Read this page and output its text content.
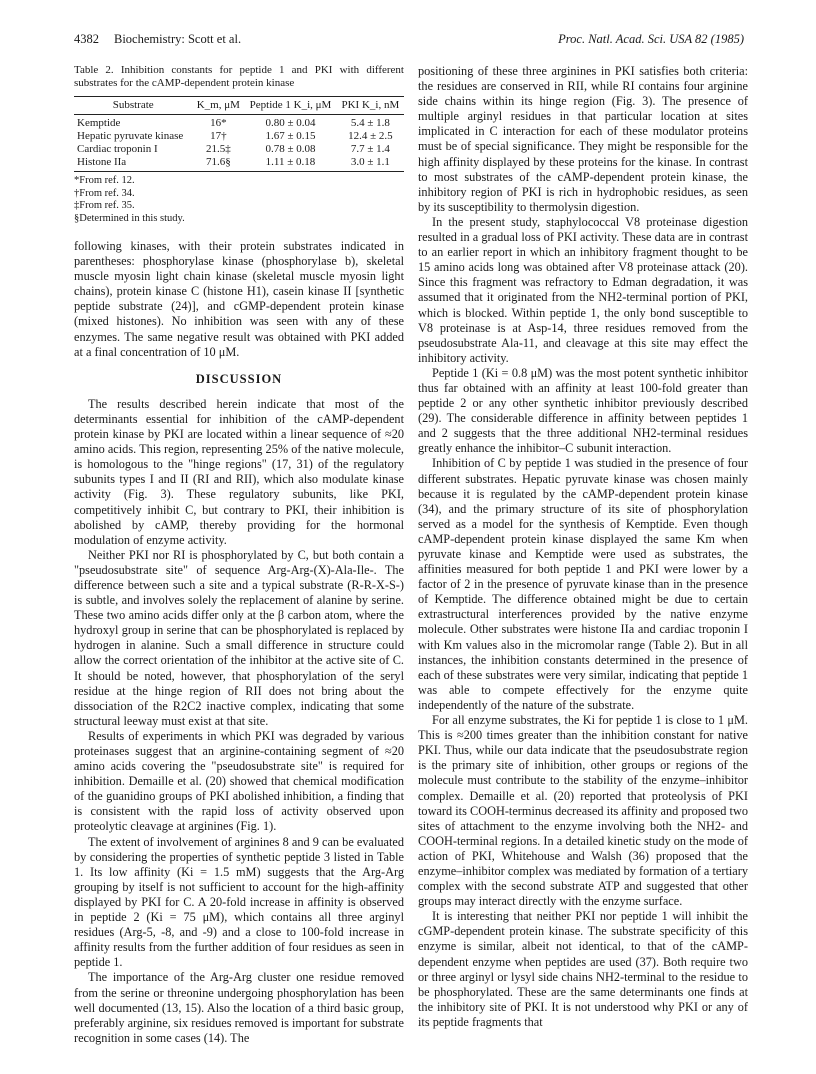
4382 Biochemistry: Scott et al.	Proc. Natl. Acad. Sci. USA 82 (1985)

Table 2. Inhibition constants for peptide 1 and PKI with different substrates for the cAMP-dependent protein kinase

Substrate	K_m, μM	Peptide 1 K_i, μM	PKI K_i, nM
Kemptide	16*	0.80 ± 0.04	5.4 ± 1.8
Hepatic pyruvate kinase	17†	1.67 ± 0.15	12.4 ± 2.5
Cardiac troponin I	21.5‡	0.78 ± 0.08	7.7 ± 1.4
Histone IIa	71.6§	1.11 ± 0.18	3.0 ± 1.1
*From ref. 12.
†From ref. 34.
‡From ref. 35.
§Determined in this study.

following kinases, with their protein substrates indicated in parentheses: phosphorylase kinase (phosphorylase b), skeletal muscle myosin light chain kinase (skeletal muscle myosin light chains), protein kinase C (histone H1), casein kinase II [synthetic peptide substrate (24)], and cGMP-dependent protein kinase (mixed histones). No inhibition was seen with any of these enzymes. The same negative result was obtained with PKI added at a final concentration of 10 μM.

DISCUSSION

The results described herein indicate that most of the determinants essential for inhibition of the cAMP-dependent protein kinase by PKI are located within a linear sequence of ≈20 amino acids. This region, representing 25% of the native molecule, is homologous to the "hinge regions" (17, 31) of the regulatory subunits types I and II (RI and RII), which also modulate kinase activity (Fig. 3). These regulatory subunits, like PKI, competitively inhibit C, but contrary to PKI, their inhibition is abolished by cAMP, thereby providing for the hormonal modulation of enzyme activity.

Neither PKI nor RI is phosphorylated by C, but both contain a "pseudosubstrate site" of sequence Arg-Arg-(X)-Ala-Ile-. The difference between such a site and a typical substrate (R-R-X-S-) is subtle, and involves solely the replacement of alanine by serine. These two amino acids differ only at the β carbon atom, where the hydroxyl group in serine that can be phosphorylated is replaced by hydrogen in alanine. Such a small difference in structure could allow the correct orientation of the inhibitor at the active site of C. It should be noted, however, that phosphorylation of the seryl residue at the hinge region of RII does not bring about the dissociation of the R2C2 inactive complex, indicating that some structural leeway must exist at that site.

Results of experiments in which PKI was degraded by various proteinases suggest that an arginine-containing segment of ≈20 amino acids covering the "pseudosubstrate site" is required for inhibition. Demaille et al. (20) showed that chemical modification of the guanidino groups of PKI abolished inhibition, a finding that is consistent with the rapid loss of activity observed upon proteolytic cleavage at arginines (Fig. 1).

The extent of involvement of arginines 8 and 9 can be evaluated by considering the properties of synthetic peptide 3 listed in Table 1. Its low affinity (Ki = 1.5 mM) suggests that the Arg-Arg grouping by itself is not sufficient to account for the high-affinity displayed by PKI for C. A 20-fold increase in affinity is observed in peptide 2 (Ki = 75 μM), which contains all three arginyl residues (Arg-5, -8, and -9) and a close to 100-fold increase in affinity results from the further addition of four residues as seen in peptide 1.

The importance of the Arg-Arg cluster one residue removed from the serine or threonine undergoing phosphorylation has been well documented (13, 15). Also the location of a third basic group, preferably arginine, six residues removed is important for substrate recognition in some cases (14). The

positioning of these three arginines in PKI satisfies both criteria: the residues are conserved in RII, while RI contains four arginine side chains within its hinge region (Fig. 3). The presence of multiple arginyl residues in that particular location at sites implicated in C interaction for each of these modulator proteins must be of special significance. They might be responsible for the high affinity displayed by these proteins for the kinase. In contrast to most substrates of the cAMP-dependent protein kinase, the inhibitory region of PKI is rich in hydrophobic residues, as seen by its susceptibility to thermolysin digestion.

In the present study, staphylococcal V8 proteinase digestion resulted in a gradual loss of PKI activity. These data are in contrast to an earlier report in which an inhibitory fragment thought to be 15 amino acids long was obtained after V8 proteinase attack (20). Since this fragment was refractory to Edman degradation, it was assumed that it originated from the NH2-terminal portion of PKI, which is blocked. Within peptide 1, the only bond susceptible to V8 proteinase is at Asp-14, three residues removed from the pseudosubstrate Ala-11, and cleavage at this site may effect the inhibitory activity.

Peptide 1 (Ki = 0.8 μM) was the most potent synthetic inhibitor thus far obtained with an affinity at least 100-fold greater than peptide 2 or any other synthetic inhibitor previously described (29). The considerable difference in affinity between peptides 1 and 2 suggests that the three additional NH2-terminal residues greatly enhance the inhibitor–C subunit interaction.

Inhibition of C by peptide 1 was studied in the presence of four different substrates. Hepatic pyruvate kinase was chosen mainly because it is regulated by the cAMP-dependent protein kinase (34), and the primary structure of its site of phosphorylation served as a model for the synthesis of Kemptide. Even though cAMP-dependent protein kinase displayed the same Km when pyruvate kinase and Kemptide were used as substrates, the affinities measured for both peptide 1 and PKI were lower by a factor of 2 in the presence of pyruvate kinase than in the presence of Kemptide. The difference obtained might be due to certain extrastructural interferences provided by the native enzyme molecule. Other substrates were histone IIa and cardiac troponin I with Km values also in the micromolar range (Table 2). But in all instances, the inhibition constants determined in the presence of each of these substrates were very similar, indicating that peptide 1 was able to compete effectively for the enzyme quite independently of the nature of the substrate.

For all enzyme substrates, the Ki for peptide 1 is close to 1 μM. This is ≈200 times greater than the inhibition constant for native PKI. Thus, while our data indicate that the pseudosubstrate region is the primary site of inhibition, other groups or regions of the molecule must contribute to the stability of the enzyme–inhibitor complex. Demaille et al. (20) reported that proteolysis of PKI toward its COOH-terminus decreased its affinity and proposed two sites of attachment to the enzyme involving both the NH2- and COOH-terminal regions. In a detailed kinetic study on the mode of action of PKI, Whitehouse and Walsh (36) proposed that the enzyme–inhibitor complex was mediated by formation of a tertiary complex with the second substrate ATP and suggested that other groups may interact directly with the enzyme surface.

It is interesting that neither PKI nor peptide 1 will inhibit the cGMP-dependent protein kinase. The substrate specificity of this enzyme is similar, albeit not identical, to that of the cAMP-dependent enzyme when peptides are used (37). Both require two or three arginyl or lysyl side chains NH2-terminal to the residue to be phosphorylated. These are the same determinants one finds at the inhibitory site of PKI. It is not understood why PKI or any of its peptide fragments that
